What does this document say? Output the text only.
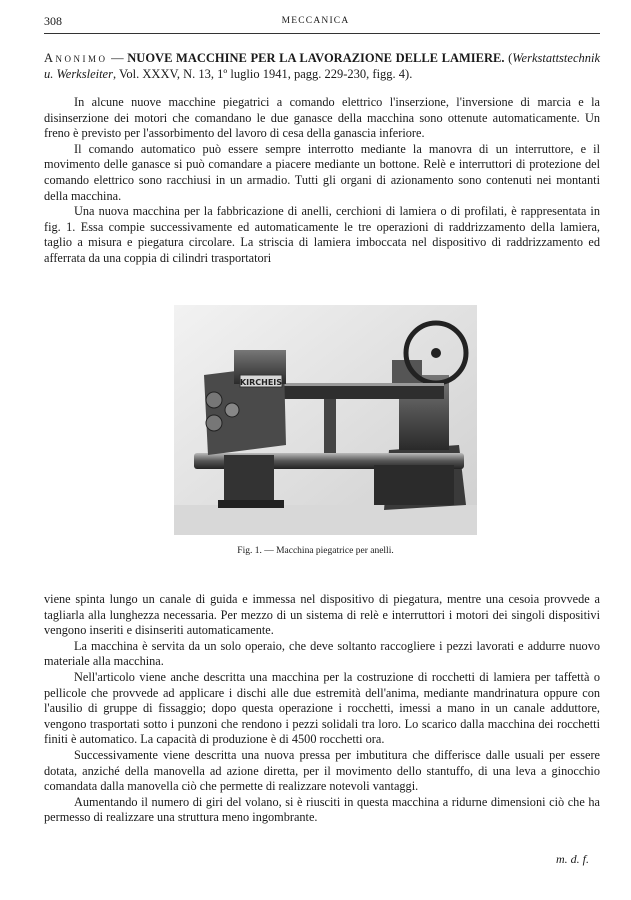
308	MECCANICA
Anonimo — NUOVE MACCHINE PER LA LAVORAZIONE DELLE LAMIERE. (Werkstattstechnik u. Werksleiter, Vol. XXXV, N. 13, 1º luglio 1941, pagg. 229-230, figg. 4).

In alcune nuove macchine piegatrici a comando elettrico l'inserzione, l'inversione di marcia e la disinserzione dei motori che comandano le due ganasce della macchina sono ottenute automaticamente. Un freno è previsto per l'assorbimento del lavoro di cesa della ganascia inferiore.

Il comando automatico può essere sempre interrotto mediante la manovra di un interruttore, e il movimento delle ganasce si può comandare a piacere mediante un bottone. Relè e interruttori di protezione del comando elettrico sono racchiusi in un armadio. Tutti gli organi di azionamento sono contenuti nei montanti della macchina.

Una nuova macchina per la fabbricazione di anelli, cerchioni di lamiera o di profilati, è rappresentata in fig. 1. Essa compie successivamente ed automaticamente le tre operazioni di raddrizzamento della lamiera, taglio a misura e piegatura circolare. La striscia di lamiera imboccata nel dispositivo di raddrizzamento ed afferrata da una coppia di cilindri trasportatori

KIRCHEIS
Fig. 1. — Macchina piegatrice per anelli.

viene spinta lungo un canale di guida e immessa nel dispositivo di piegatura, mentre una cesoia provvede a tagliarla alla lunghezza necessaria. Per mezzo di un sistema di relè e interruttori i motori dei singoli dispositivi vengono inseriti e disinseriti automaticamente.

La macchina è servita da un solo operaio, che deve soltanto raccogliere i pezzi lavorati e addurre nuovo materiale alla macchina.

Nell'articolo viene anche descritta una macchina per la costruzione di rocchetti di lamiera per taffettà o pellicole che provvede ad applicare i dischi alle due estremità dell'anima, mediante mandrinatura oppure con l'ausilio di gruppe di fissaggio; dopo questa operazione i rocchetti, imessi a mano in un canale adduttore, vengono trasportati sotto i punzoni che rendono i pezzi solidali tra loro. Lo scarico dalla macchina dei rocchetti finiti è automatico. La capacità di produzione è di 4500 rocchetti ora.

Successivamente viene descritta una nuova pressa per imbutitura che differisce dalle usuali per essere dotata, anziché della manovella ad azione diretta, per il movimento dello stantuffo, di una leva a ginocchio comandata dalla manovella ciò che permette di realizzare notevoli vantaggi.

Aumentando il numero di giri del volano, si è riusciti in questa macchina a ridurne dimensioni ciò che ha permesso di realizzare una struttura meno ingombrante.

m. d. f.
